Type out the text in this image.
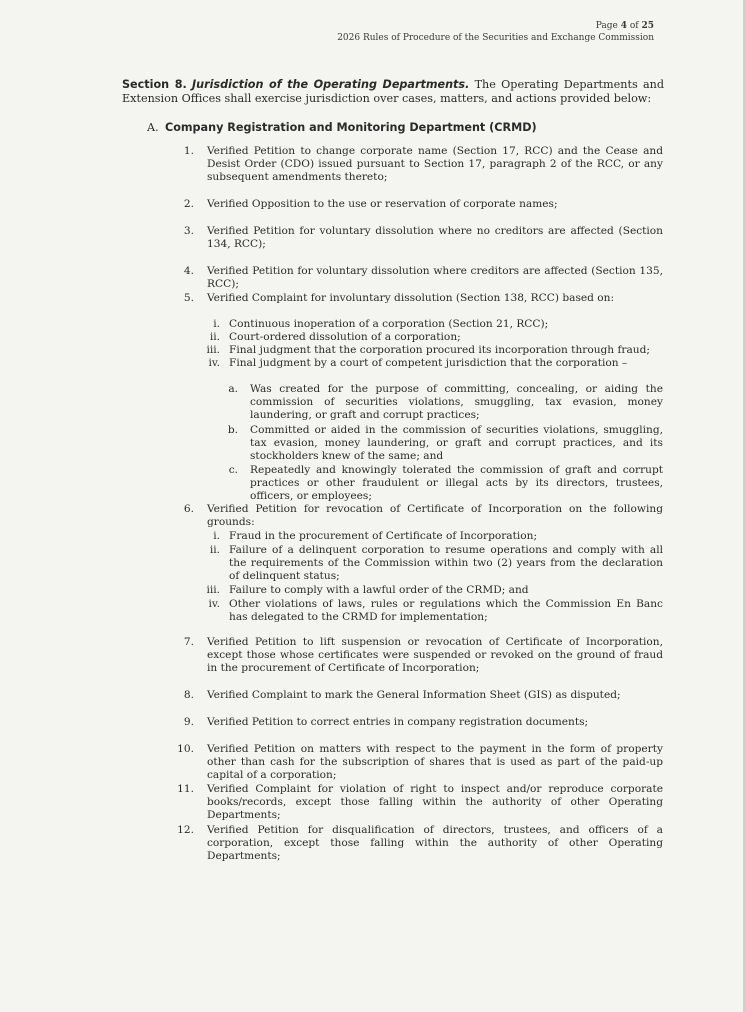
Page 4 of 25
2026 Rules of Procedure of the Securities and Exchange Commission
Section 8. Jurisdiction of the Operating Departments. The Operating Departments and Extension Offices shall exercise jurisdiction over cases, matters, and actions provided below:
A. Company Registration and Monitoring Department (CRMD)
1. Verified Petition to change corporate name (Section 17, RCC) and the Cease and Desist Order (CDO) issued pursuant to Section 17, paragraph 2 of the RCC, or any subsequent amendments thereto;
2. Verified Opposition to the use or reservation of corporate names;
3. Verified Petition for voluntary dissolution where no creditors are affected (Section 134, RCC);
4. Verified Petition for voluntary dissolution where creditors are affected (Section 135, RCC);
5. Verified Complaint for involuntary dissolution (Section 138, RCC) based on:
i. Continuous inoperation of a corporation (Section 21, RCC);
ii. Court-ordered dissolution of a corporation;
iii. Final judgment that the corporation procured its incorporation through fraud;
iv. Final judgment by a court of competent jurisdiction that the corporation –
a. Was created for the purpose of committing, concealing, or aiding the commission of securities violations, smuggling, tax evasion, money laundering, or graft and corrupt practices;
b. Committed or aided in the commission of securities violations, smuggling, tax evasion, money laundering, or graft and corrupt practices, and its stockholders knew of the same; and
c. Repeatedly and knowingly tolerated the commission of graft and corrupt practices or other fraudulent or illegal acts by its directors, trustees, officers, or employees;
6. Verified Petition for revocation of Certificate of Incorporation on the following grounds:
i. Fraud in the procurement of Certificate of Incorporation;
ii. Failure of a delinquent corporation to resume operations and comply with all the requirements of the Commission within two (2) years from the declaration of delinquent status;
iii. Failure to comply with a lawful order of the CRMD; and
iv. Other violations of laws, rules or regulations which the Commission En Banc has delegated to the CRMD for implementation;
7. Verified Petition to lift suspension or revocation of Certificate of Incorporation, except those whose certificates were suspended or revoked on the ground of fraud in the procurement of Certificate of Incorporation;
8. Verified Complaint to mark the General Information Sheet (GIS) as disputed;
9. Verified Petition to correct entries in company registration documents;
10. Verified Petition on matters with respect to the payment in the form of property other than cash for the subscription of shares that is used as part of the paid-up capital of a corporation;
11. Verified Complaint for violation of right to inspect and/or reproduce corporate books/records, except those falling within the authority of other Operating Departments;
12. Verified Petition for disqualification of directors, trustees, and officers of a corporation, except those falling within the authority of other Operating Departments;
